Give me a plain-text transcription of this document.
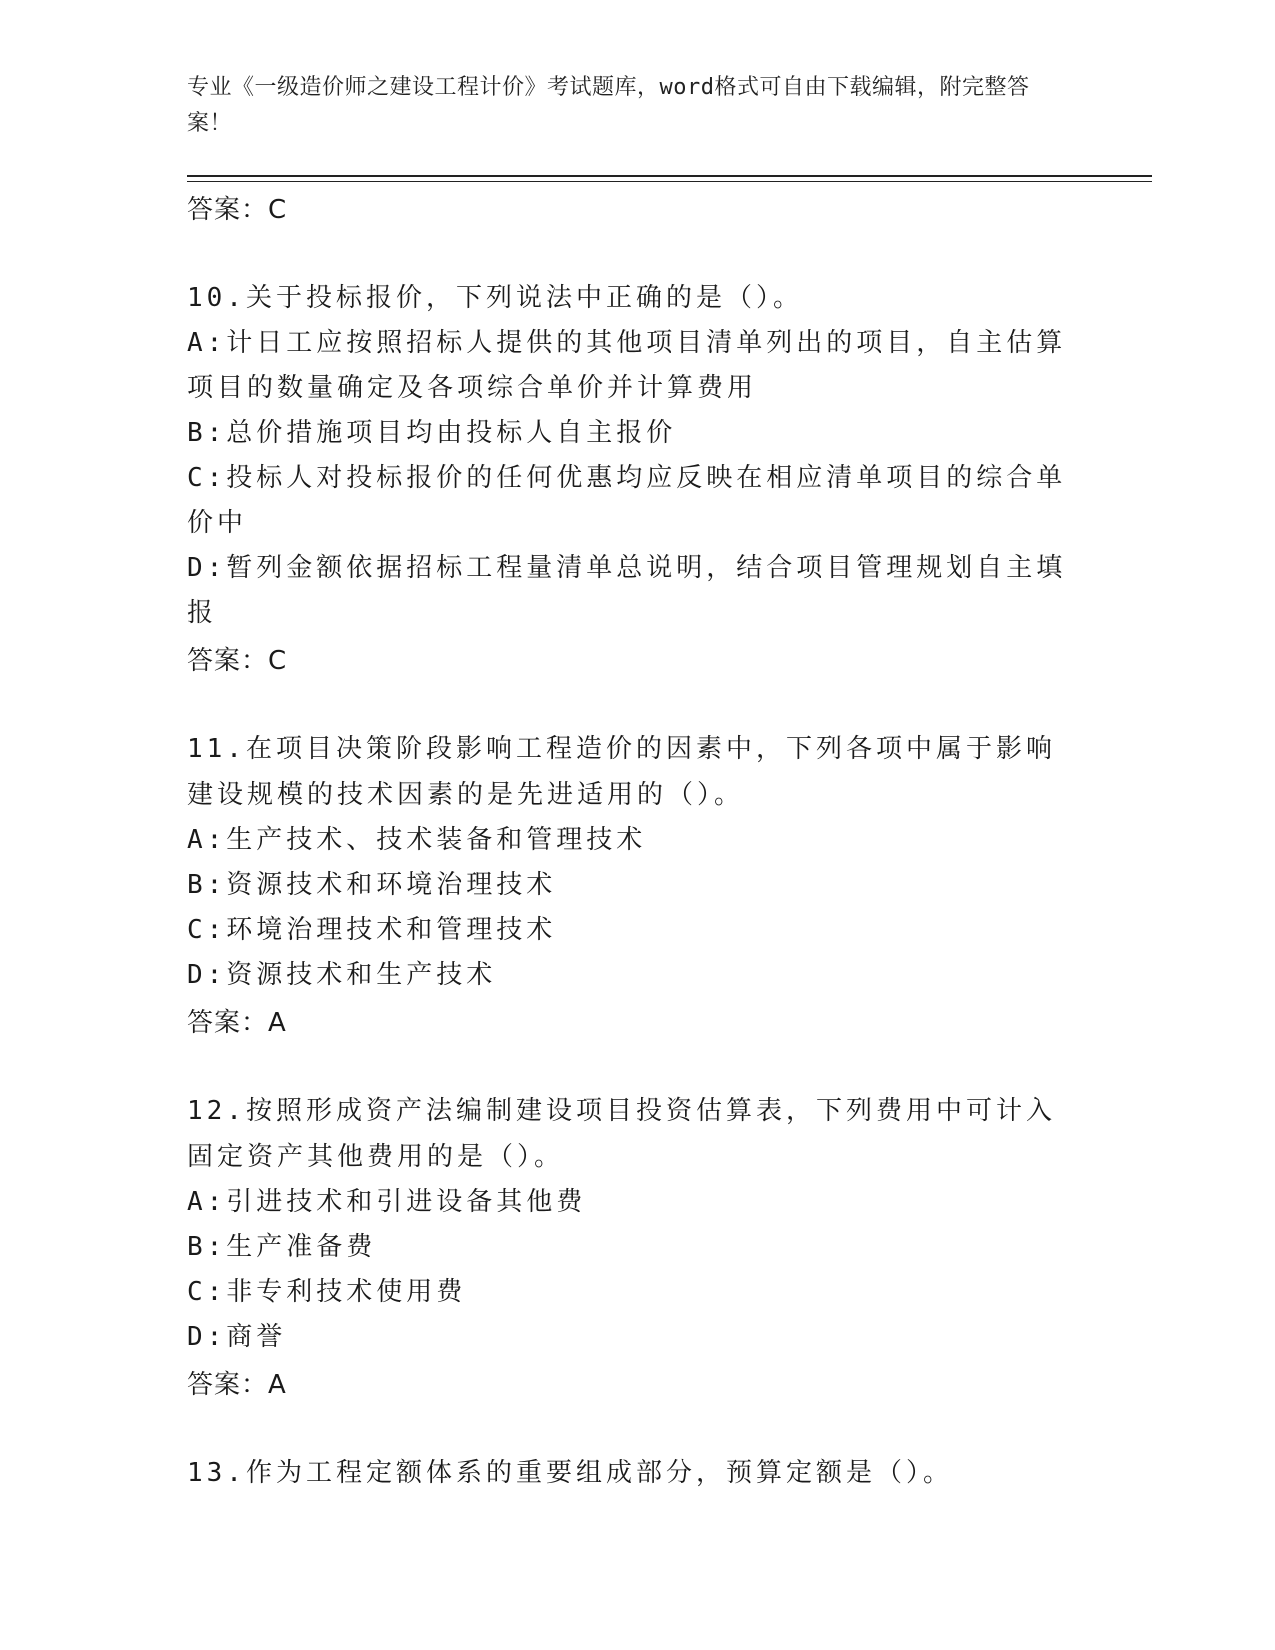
专业《一级造价师之建设工程计价》考试题库，word格式可自由下载编辑，附完整答案！
答案：C
10.关于投标报价，下列说法中正确的是（）。
A:计日工应按照招标人提供的其他项目清单列出的项目，自主估算项目的数量确定及各项综合单价并计算费用
B:总价措施项目均由投标人自主报价
C:投标人对投标报价的任何优惠均应反映在相应清单项目的综合单价中
D:暂列金额依据招标工程量清单总说明，结合项目管理规划自主填报
答案：C
11.在项目决策阶段影响工程造价的因素中，下列各项中属于影响建设规模的技术因素的是先进适用的（）。
A:生产技术、技术装备和管理技术
B:资源技术和环境治理技术
C:环境治理技术和管理技术
D:资源技术和生产技术
答案：A
12.按照形成资产法编制建设项目投资估算表，下列费用中可计入固定资产其他费用的是（）。
A:引进技术和引进设备其他费
B:生产准备费
C:非专利技术使用费
D:商誉
答案：A
13.作为工程定额体系的重要组成部分，预算定额是（）。
